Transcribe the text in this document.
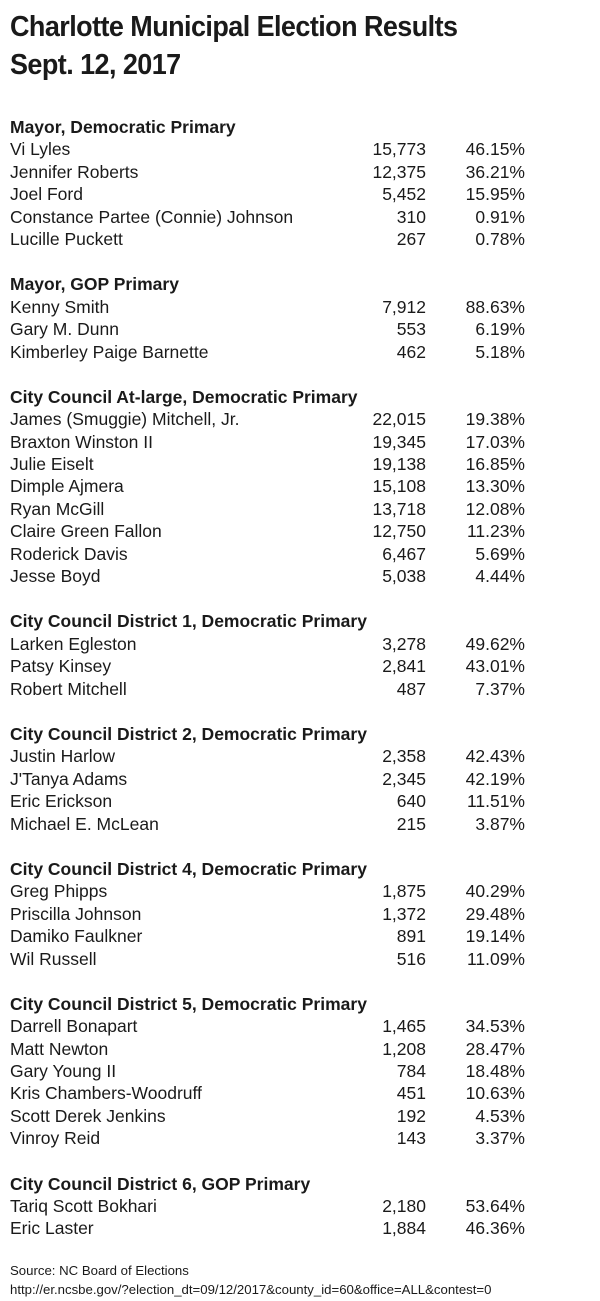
Charlotte Municipal Election Results
Sept. 12, 2017
Mayor, Democratic Primary
Vi Lyles	15,773 46.15%
Jennifer Roberts	12,375 36.21%
Joel Ford	5,452 15.95%
Constance Partee (Connie) Johnson	310	0.91%
Lucille Puckett	267	0.78%
Mayor, GOP Primary
Kenny Smith	7,912 88.63%
Gary M. Dunn	553	6.19%
Kimberley Paige Barnette	462	5.18%
City Council At-large, Democratic Primary
James (Smuggie) Mitchell, Jr.	22,015 19.38%
Braxton Winston II	19,345 17.03%
Julie Eiselt	19,138 16.85%
Dimple Ajmera	15,108 13.30%
Ryan McGill	13,718 12.08%
Claire Green Fallon	12,750 11.23%
Roderick Davis	6,467	5.69%
Jesse Boyd	5,038	4.44%
City Council District 1, Democratic Primary
Larken Egleston	3,278 49.62%
Patsy Kinsey	2,841 43.01%
Robert Mitchell	487	7.37%
City Council District 2, Democratic Primary
Justin Harlow	2,358 42.43%
J'Tanya Adams	2,345 42.19%
Eric Erickson	640 11.51%
Michael E. McLean	215	3.87%
City Council District 4, Democratic Primary
Greg Phipps	1,875 40.29%
Priscilla Johnson	1,372 29.48%
Damiko Faulkner	891 19.14%
Wil Russell	516 11.09%
City Council District 5, Democratic Primary
Darrell Bonapart	1,465 34.53%
Matt Newton	1,208 28.47%
Gary Young II	784 18.48%
Kris Chambers-Woodruff	451 10.63%
Scott Derek Jenkins	192	4.53%
Vinroy Reid	143	3.37%
City Council District 6, GOP Primary
Tariq Scott Bokhari	2,180 53.64%
Eric Laster	1,884 46.36%
Source: NC Board of Elections
http://er.ncsbe.gov/?election_dt=09/12/2017&county_id=60&office=ALL&contest=0
